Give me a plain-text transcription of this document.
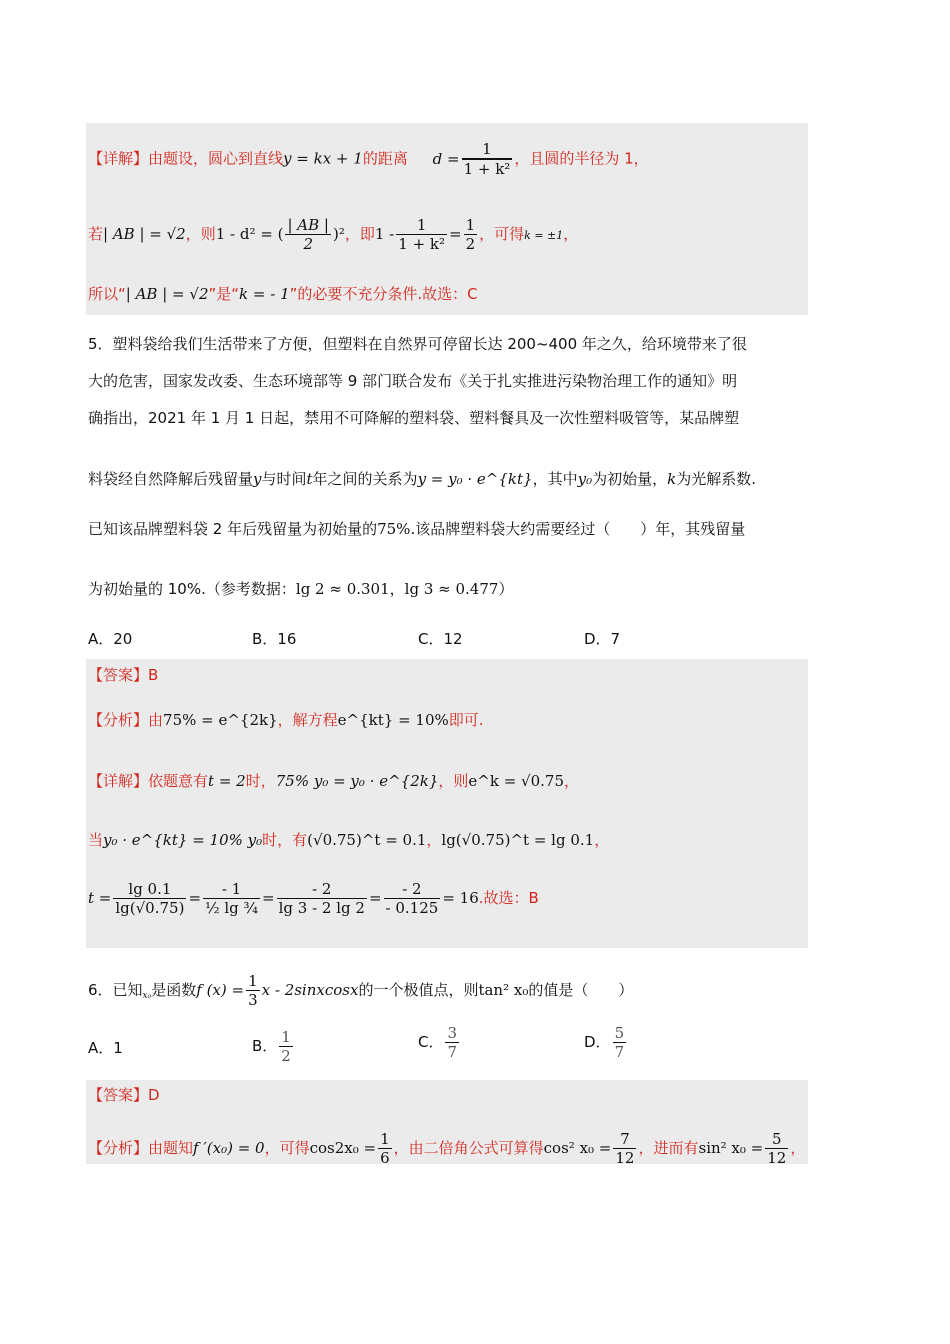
【详解】由题设，圆心到直线y = kx + 1的距离 $d = \frac{1}{\text{1 + k²}}$ ，且圆的半径为 1，
若| AB | = √2，则1 - d² = ( $\frac{| AB |}{2} )^2$，即$1 - \frac{1}{\text{1 + k²}} = \frac{1}{2}$ ，可得k = ±1，
所以“| AB | = √2”是“k = - 1”的必要不充分条件.故选：C
5．塑料袋给我们生活带来了方便，但塑料在自然界可停留长达 200~400 年之久，给环境带来了很
大的危害，国家发改委、生态环境部等 9 部门联合发布《关于扎实推进污染物治理工作的通知》明
确指出，2021 年 1 月 1 日起，禁用不可降解的塑料袋、塑料餐具及一次性塑料吸管等，某品牌塑
料袋经自然降解后残留量y与时间t年之间的关系为y = y₀ · e^{kt}，其中y₀为初始量，k为光解系数.
已知该品牌塑料袋 2 年后残留量为初始量的75%.该品牌塑料袋大约需要经过（　　）年，其残留量
为初始量的 10%.（参考数据：lg 2 ≈ 0.301，lg 3 ≈ 0.477）
A．20	B．16	C．12	D．7
【答案】B
【分析】由75% = e^{2k}，解方程e^{kt} = 10%即可.
【详解】依题意有t = 2时，75% y₀ = y₀ · e^{2k}，则e^k = √0.75，
当y₀ · e^{kt} = 10% y₀时，有(√0.75)^t = 0.1，lg(√0.75)^t = lg 0.1，
$t = \frac{\lg 0.1}{\lg(√0.75)} = \frac{- 1}{\text{½ lg ¾}} = \frac{- 2}{\lg 3 - 2 \lg 2} = \frac{- 2}{- 0.125} = 16$.故选：B
6．已知$_{x_0}$是函数f $(x) = \frac{1}{3}$ x - 2sinxcosx的一个极值点，则tan² x₀的值是（　　）
A．1	B． $\frac{1}{2}$	C． $\frac{3}{7}$	D． $\frac{5}{7}$
【答案】D
【分析】由题知f ′(x₀) = 0，可得$\cos 2x_0 = \frac{1}{6}$ ，由二倍角公式可算得cos² $x_0 = \frac{7}{12}$ ，进而有sin² $x_0 = \frac{5}{12}$ ，
